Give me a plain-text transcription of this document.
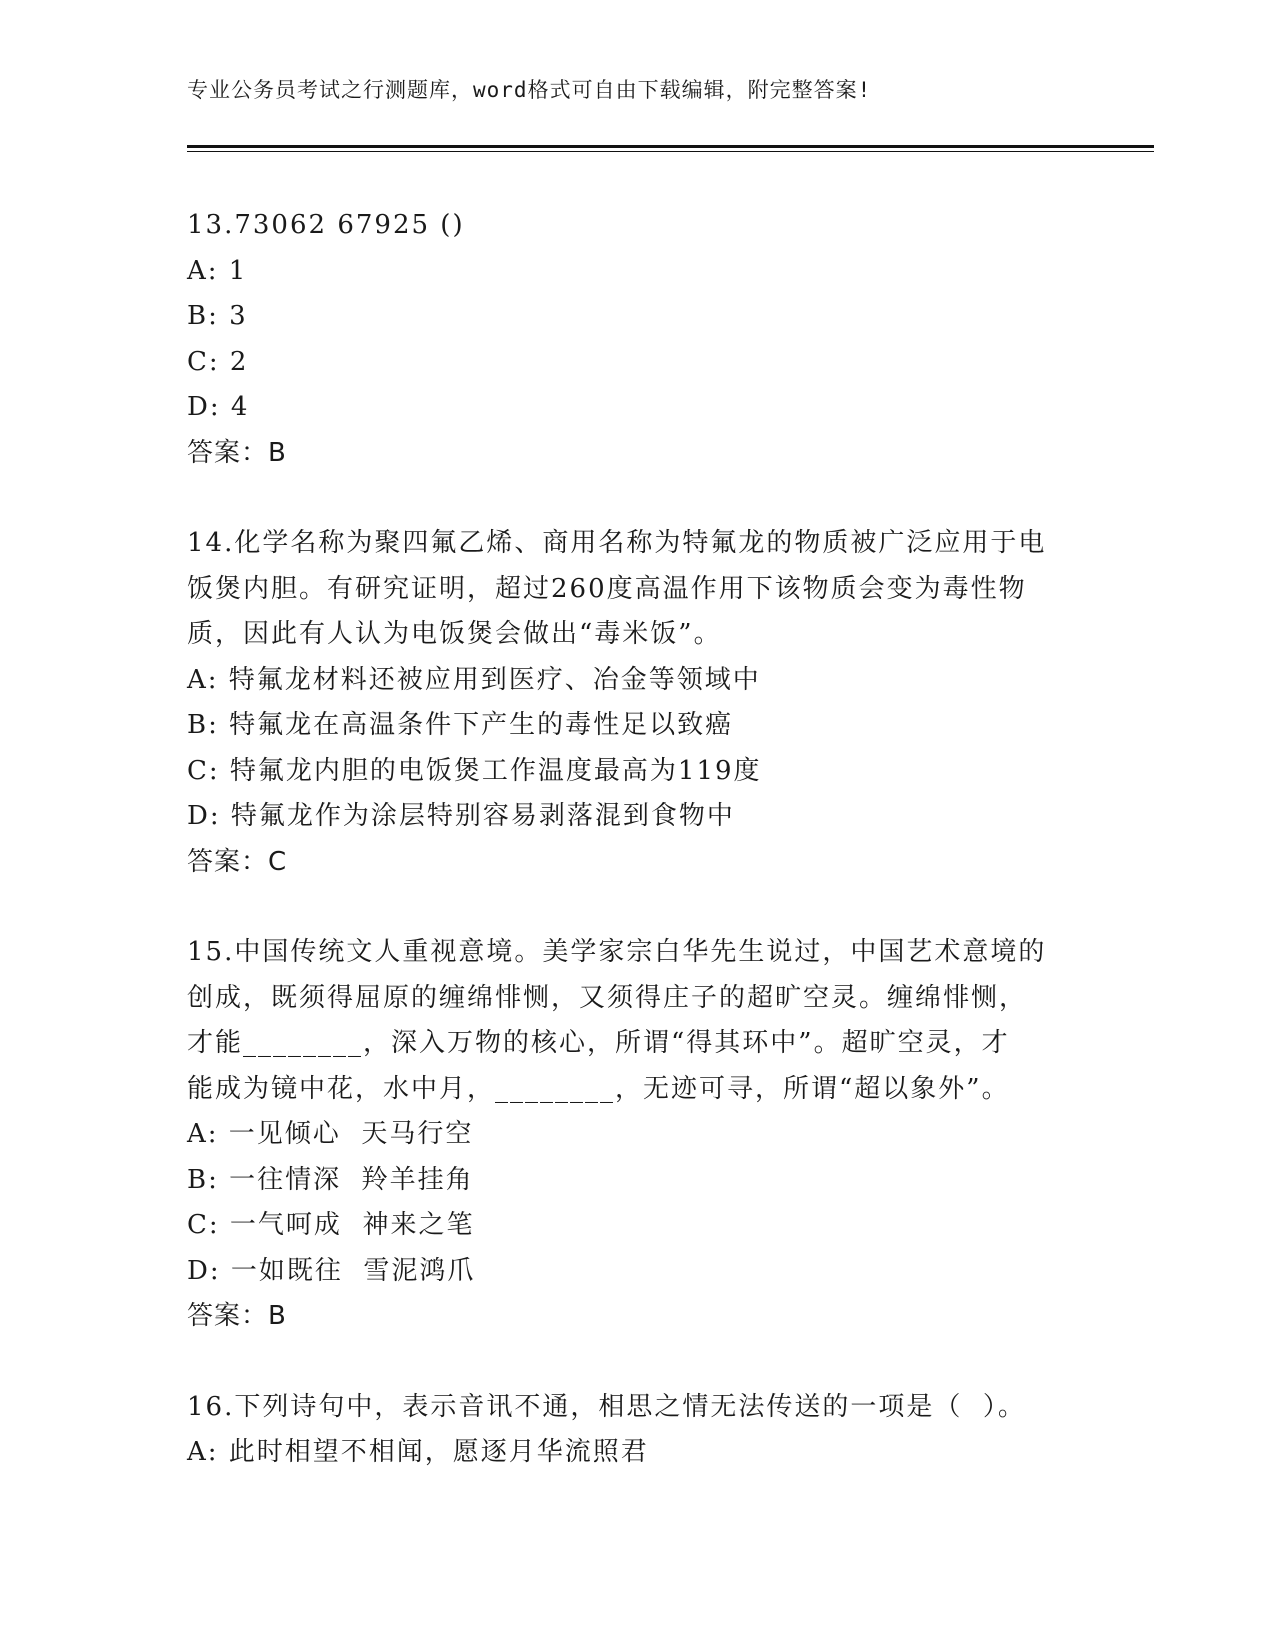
专业公务员考试之行测题库，word格式可自由下载编辑，附完整答案!
13.73062 67925 ()
A: 1
B: 3
C: 2
D: 4
答案：B
14.化学名称为聚四氟乙烯、商用名称为特氟龙的物质被广泛应用于电
饭煲内胆。有研究证明，超过260度高温作用下该物质会变为毒性物
质，因此有人认为电饭煲会做出“毒米饭”。
A: 特氟龙材料还被应用到医疗、冶金等领域中
B: 特氟龙在高温条件下产生的毒性足以致癌
C: 特氟龙内胆的电饭煲工作温度最高为119度
D: 特氟龙作为涂层特别容易剥落混到食物中
答案：C
15.中国传统文人重视意境。美学家宗白华先生说过，中国艺术意境的
创成，既须得屈原的缠绵悱恻，又须得庄子的超旷空灵。缠绵悱恻，
才能________，深入万物的核心，所谓“得其环中”。超旷空灵，才
能成为镜中花，水中月，________，无迹可寻，所谓“超以象外”。
A: 一见倾心  天马行空
B: 一往情深  羚羊挂角
C: 一气呵成  神来之笔
D: 一如既往  雪泥鸿爪
答案：B
16.下列诗句中，表示音讯不通，相思之情无法传送的一项是（  ）。
A: 此时相望不相闻，愿逐月华流照君
